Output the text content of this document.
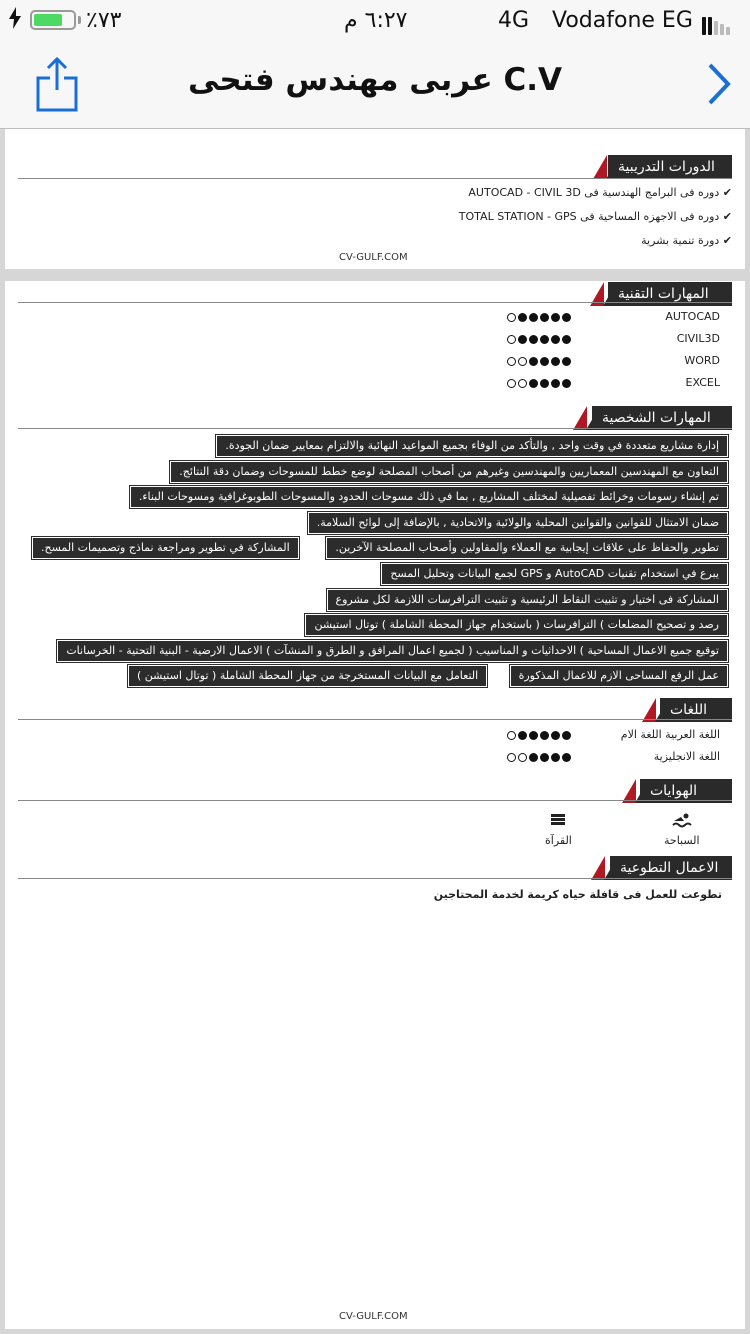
٪٧٣	٦:٢٧ م	4G Vodafone EG
عربى مهندس فتحى C.V
الدورات التدريبية
✔ دوره فى البرامج الهندسية فى AUTOCAD - CIVIL 3D
✔ دوره فى الاجهزه المساحية فى TOTAL STATION - GPS
✔ دورة تنمية بشرية
CV-GULF.COM
المهارات التقنية
AUTOCAD
CIVIL3D
WORD
EXCEL
المهارات الشخصية
إدارة مشاريع متعددة في وقت واحد , والتأكد من الوفاء بجميع المواعيد النهائية والالتزام بمعايير ضمان الجودة.
التعاون مع المهندسين المعماريين والمهندسين وغيرهم من أصحاب المصلحة لوضع خطط للمسوحات وضمان دقة النتائج.
تم إنشاء رسومات وخرائط تفصيلية لمختلف المشاريع , بما في ذلك مسوحات الحدود والمسوحات الطوبوغرافية ومسوحات البناء.
ضمان الامتثال للقوانين والقوانين المحلية والولائية والاتحادية , بالإضافة إلى لوائح السلامة.
تطوير والحفاظ على علاقات إيجابية مع العملاء والمقاولين وأصحاب المصلحة الآخرين.
المشاركة في تطوير ومراجعة نماذج وتصميمات المسح.
يبرع في استخدام تقنيات AutoCAD و GPS لجمع البيانات وتحليل المسح
المشاركة فى اختيار و تثبيت النقاط الرئيسية و تثبيت الترافرسات اللازمة لكل مشروع
رصد و تصحيح المضلعات ) الترافرسات ( باستخدام جهاز المحطة الشاملة ) توتال استيشن
توقيع جميع الاعمال المساحية ) الاحداثيات و المناسيب ( لجميع اعمال المرافق و الطرق و المنشآت ) الاعمال الارضية - البنية التحتية - الخرسانات
عمل الرفع المساحى الازم للاعمال المذكورة
التعامل مع البيانات المستخرجة من جهاز المحطة الشاملة ( توتال استيشن )
اللغات
اللغة العربية اللغة الام
اللغة الانجليزية
الهوايات
السباحة
القرآة
الاعمال التطوعية
تطوعت للعمل فى قافلة حياه كريمة لخدمة المحتاجين
CV-GULF.COM
